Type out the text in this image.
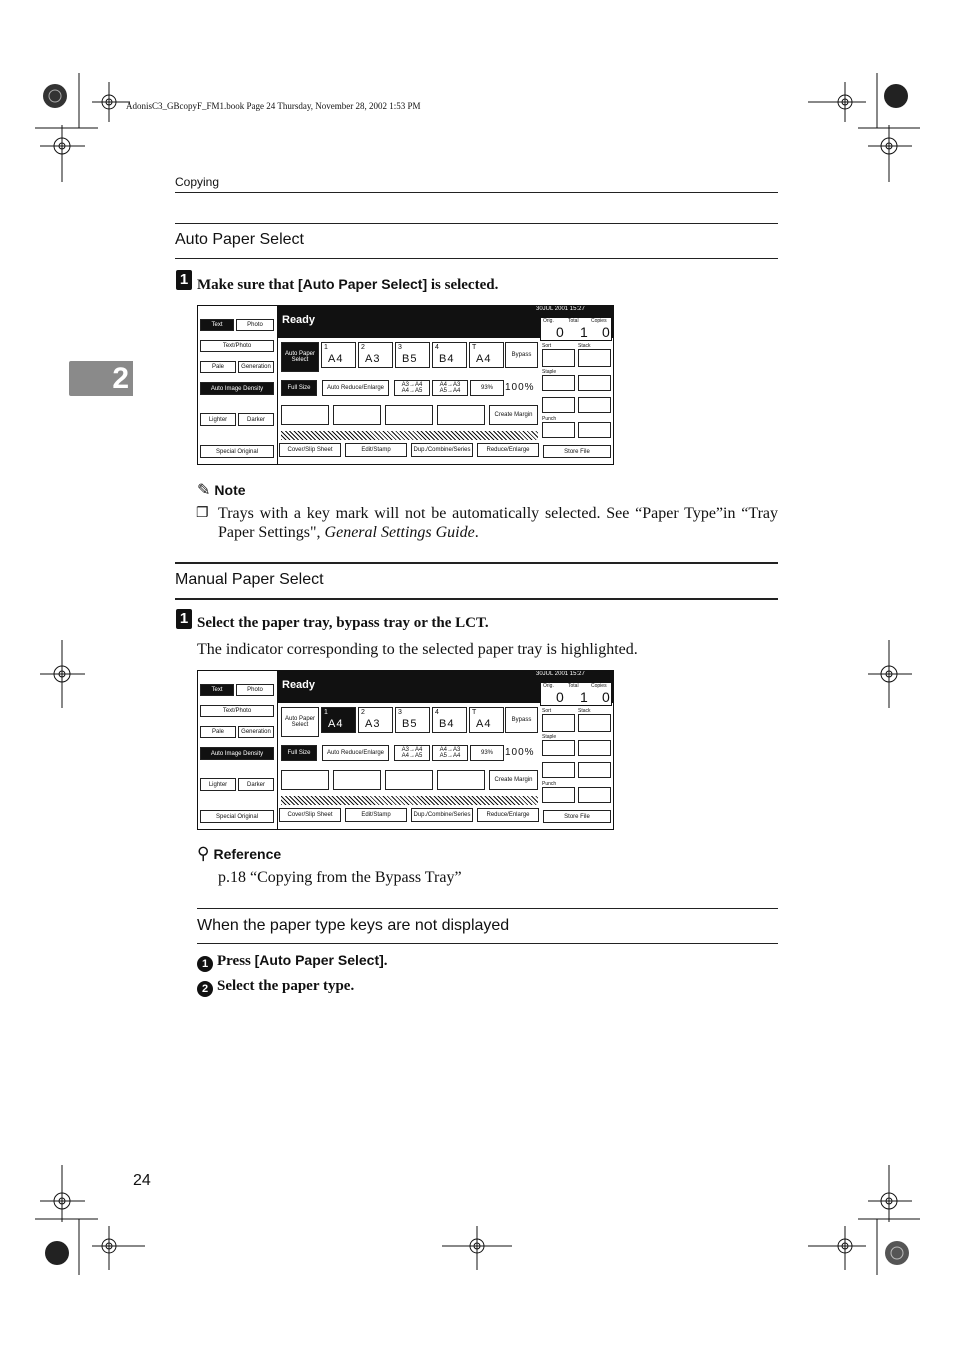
AdonisC3_GBcopyF_FM1.book Page 24 Thursday, November 28, 2002 1:53 PM
Copying
2
Auto Paper Select
1 Make sure that [Auto Paper Select] is selected.
Ready
30JUL 2001 15:27
Text	Photo
Text/Photo
Pale	Generation
Auto Image Density
Lighter	Darker
Special Original
Auto Paper Select
1
A4
2
A3
3
B5
4
B4
T
A4	Bypass
Full Size	Auto Reduce/Enlarge	A3→A4 A4→A5
A4→A3 A5→A4	93%	100%
Create Margin
Cover/Slip Sheet	Edit/Stamp	Dup./Combine/Series	Reduce/Enlarge
Orig.	Total Copies
0 1 0
Sort	Stack
Staple
Punch
Store File
✎ Note
❐ Trays with a key mark will not be automatically selected. See “Paper Type”in “Tray Paper Settings", General Settings Guide.
Manual Paper Select
1 Select the paper tray, bypass tray or the LCT.
The indicator corresponding to the selected paper tray is highlighted.
Ready
30JUL 2001 15:27
Text	Photo
Text/Photo
Pale	Generation
Auto Image Density
Lighter	Darker
Special Original
Auto Paper Select
1
A4
2
A3
3
B5
4
B4
T
A4	Bypass
Full Size	Auto Reduce/Enlarge	A3→A4 A4→A5
A4→A3 A5→A4	93%	100%
Create Margin
Cover/Slip Sheet	Edit/Stamp	Dup./Combine/Series	Reduce/Enlarge
Orig.	Total Copies
0 1 0
Sort	Stack
Staple
Punch
Store File
⚲ Reference
p.18 “Copying from the Bypass Tray”
When the paper type keys are not displayed
1 Press [Auto Paper Select].
2 Select the paper type.
24
